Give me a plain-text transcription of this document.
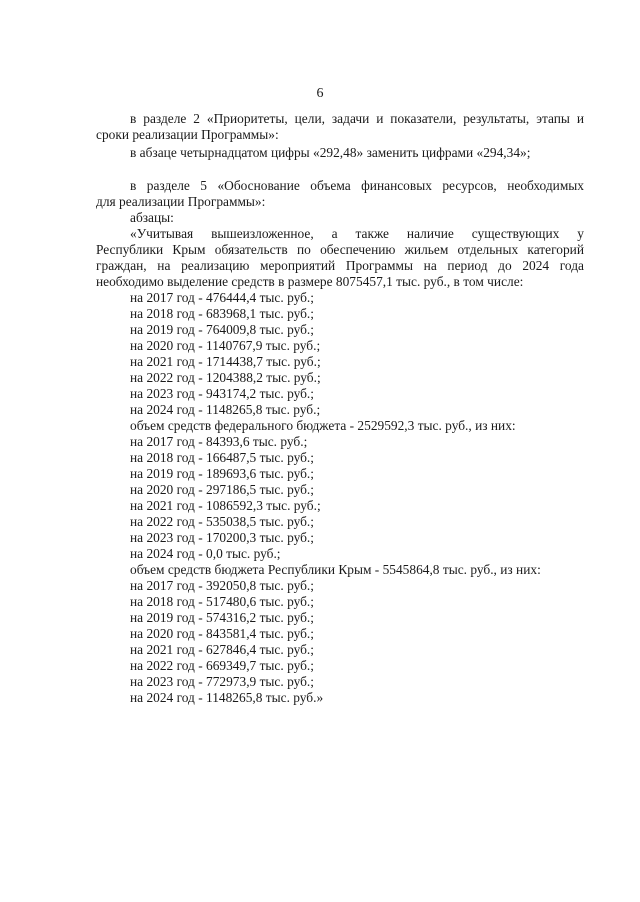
6
в разделе 2 «Приоритеты, цели, задачи и показатели, результаты, этапы и
сроки реализации Программы»:
в абзаце четырнадцатом цифры «292,48» заменить цифрами «294,34»;
в разделе 5 «Обоснование объема финансовых ресурсов, необходимых
для реализации Программы»:
абзацы:
«Учитывая вышеизложенное, а также наличие существующих у
Республики Крым обязательств по обеспечению жильем отдельных категорий
граждан, на реализацию мероприятий Программы на период до 2024 года
необходимо выделение средств в размере 8075457,1 тыс. руб., в том числе:
на 2017 год - 476444,4 тыс. руб.;
на 2018 год - 683968,1 тыс. руб.;
на 2019 год - 764009,8 тыс. руб.;
на 2020 год - 1140767,9 тыс. руб.;
на 2021 год - 1714438,7 тыс. руб.;
на 2022 год - 1204388,2 тыс. руб.;
на 2023 год - 943174,2 тыс. руб.;
на 2024 год - 1148265,8 тыс. руб.;
объем средств федерального бюджета - 2529592,3 тыс. руб., из них:
на 2017 год - 84393,6 тыс. руб.;
на 2018 год - 166487,5 тыс. руб.;
на 2019 год - 189693,6 тыс. руб.;
на 2020 год - 297186,5 тыс. руб.;
на 2021 год - 1086592,3 тыс. руб.;
на 2022 год - 535038,5 тыс. руб.;
на 2023 год - 170200,3 тыс. руб.;
на 2024 год - 0,0 тыс. руб.;
объем средств бюджета Республики Крым - 5545864,8 тыс. руб., из них:
на 2017 год - 392050,8 тыс. руб.;
на 2018 год - 517480,6 тыс. руб.;
на 2019 год - 574316,2 тыс. руб.;
на 2020 год - 843581,4 тыс. руб.;
на 2021 год - 627846,4 тыс. руб.;
на 2022 год - 669349,7 тыс. руб.;
на 2023 год - 772973,9 тыс. руб.;
на 2024 год - 1148265,8 тыс. руб.»
